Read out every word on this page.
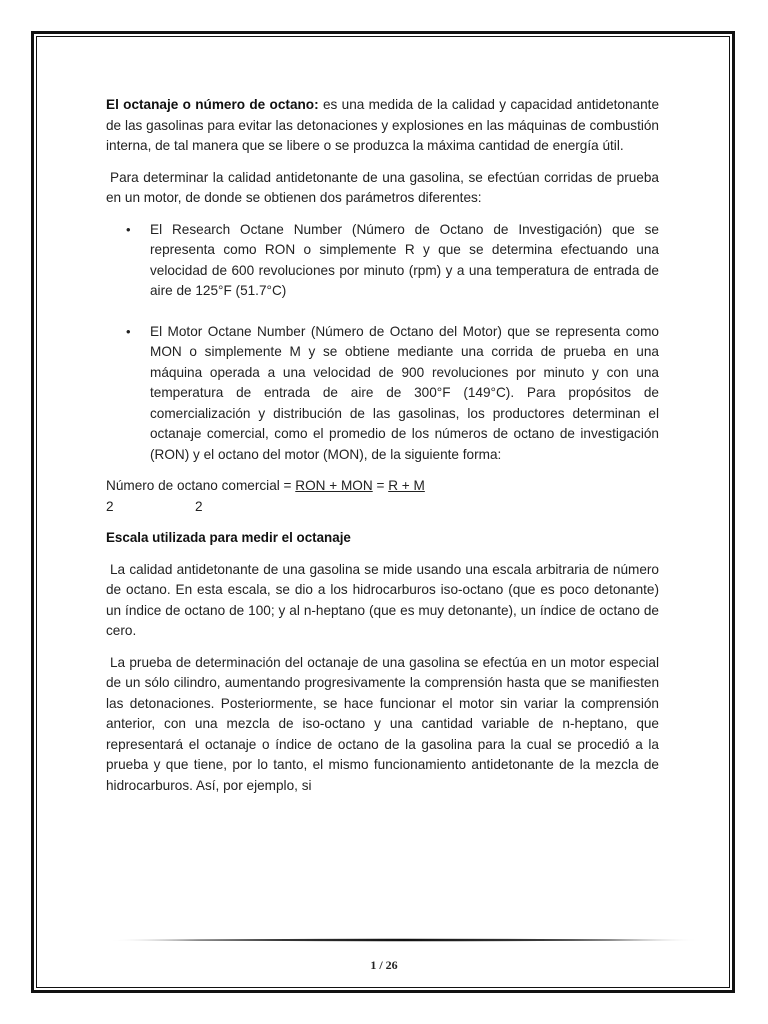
El octanaje o número de octano: es una medida de la calidad y capacidad antidetonante de las gasolinas para evitar las detonaciones y explosiones en las máquinas de combustión interna, de tal manera que se libere o se produzca la máxima cantidad de energía útil.

Para determinar la calidad antidetonante de una gasolina, se efectúan corridas de prueba en un motor, de donde se obtienen dos parámetros diferentes:

• El Research Octane Number (Número de Octano de Investigación) que se representa como RON o simplemente R y que se determina efectuando una velocidad de 600 revoluciones por minuto (rpm) y a una temperatura de entrada de aire de 125°F (51.7°C)
• El Motor Octane Number (Número de Octano del Motor) que se representa como MON o simplemente M y se obtiene mediante una corrida de prueba en una máquina operada a una velocidad de 900 revoluciones por minuto y con una temperatura de entrada de aire de 300°F (149°C). Para propósitos de comercialización y distribución de las gasolinas, los productores determinan el octanaje comercial, como el promedio de los números de octano de investigación (RON) y el octano del motor (MON), de la siguiente forma:
Número de octano comercial = RON + MON = R + M
2	2
Escala utilizada para medir el octanaje

La calidad antidetonante de una gasolina se mide usando una escala arbitraria de número de octano. En esta escala, se dio a los hidrocarburos iso-octano (que es poco detonante) un índice de octano de 100; y al n-heptano (que es muy detonante), un índice de octano de cero.

La prueba de determinación del octanaje de una gasolina se efectúa en un motor especial de un sólo cilindro, aumentando progresivamente la comprensión hasta que se manifiesten las detonaciones. Posteriormente, se hace funcionar el motor sin variar la comprensión anterior, con una mezcla de iso-octano y una cantidad variable de n-heptano, que representará el octanaje o índice de octano de la gasolina para la cual se procedió a la prueba y que tiene, por lo tanto, el mismo funcionamiento antidetonante de la mezcla de hidrocarburos. Así, por ejemplo, si

1 / 26
